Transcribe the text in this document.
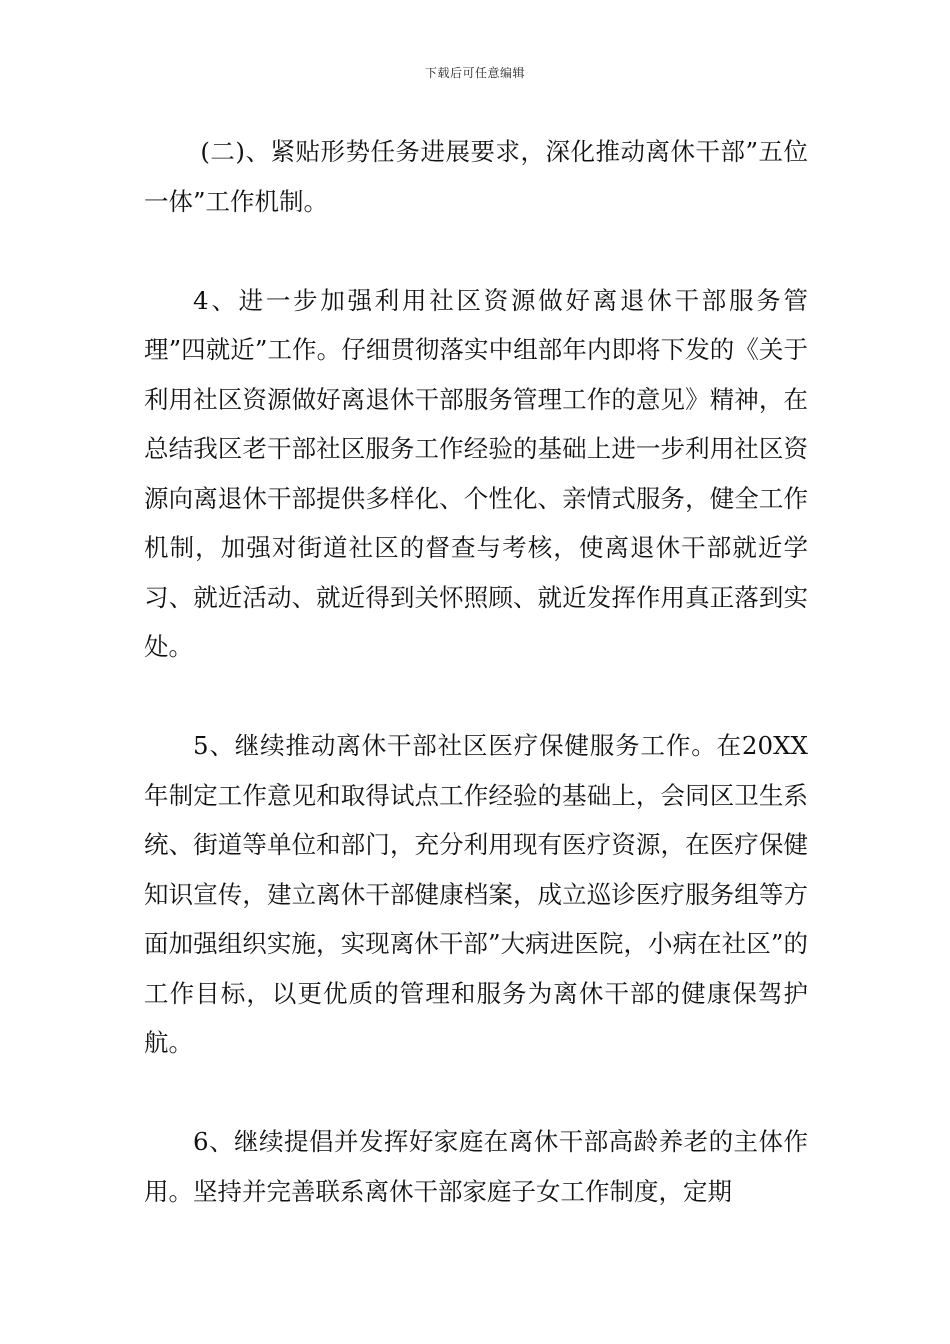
下载后可任意编辑

(二)、紧贴形势任务进展要求，深化推动离休干部”五位一体”工作机制。

4、进一步加强利用社区资源做好离退休干部服务管理”四就近”工作。仔细贯彻落实中组部年内即将下发的《关于利用社区资源做好离退休干部服务管理工作的意见》精神，在总结我区老干部社区服务工作经验的基础上进一步利用社区资源向离退休干部提供多样化、个性化、亲情式服务，健全工作机制，加强对街道社区的督查与考核，使离退休干部就近学习、就近活动、就近得到关怀照顾、就近发挥作用真正落到实处。

5、继续推动离休干部社区医疗保健服务工作。在20XX年制定工作意见和取得试点工作经验的基础上，会同区卫生系统、街道等单位和部门，充分利用现有医疗资源，在医疗保健知识宣传，建立离休干部健康档案，成立巡诊医疗服务组等方面加强组织实施，实现离休干部”大病进医院，小病在社区”的工作目标，以更优质的管理和服务为离休干部的健康保驾护航。

6、继续提倡并发挥好家庭在离休干部高龄养老的主体作用。坚持并完善联系离休干部家庭子女工作制度，定期
